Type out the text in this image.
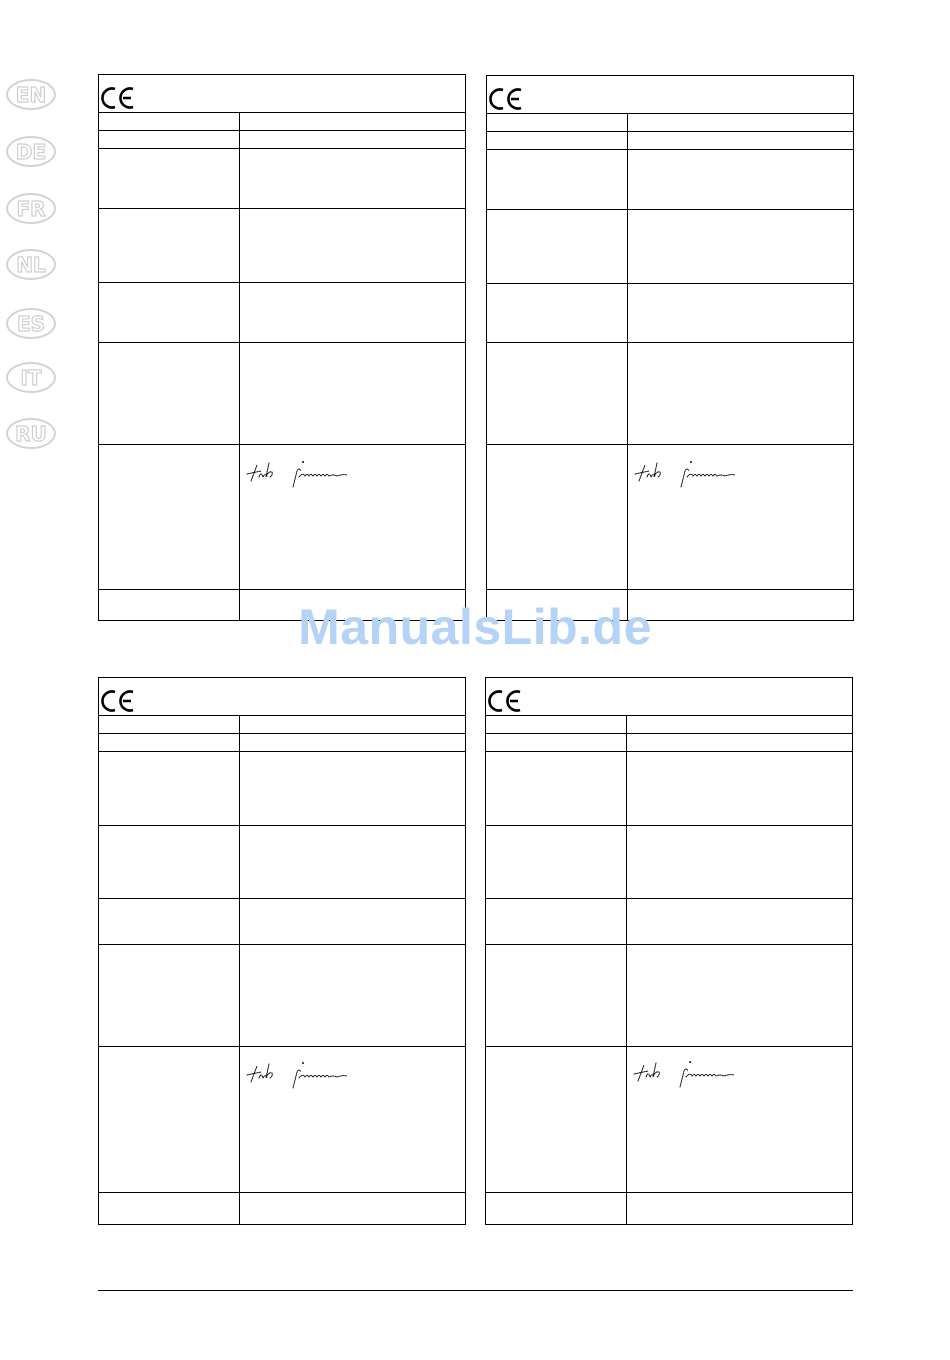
EN
DE
FR
NL
ES
IT
RU
ManualsLib.de
